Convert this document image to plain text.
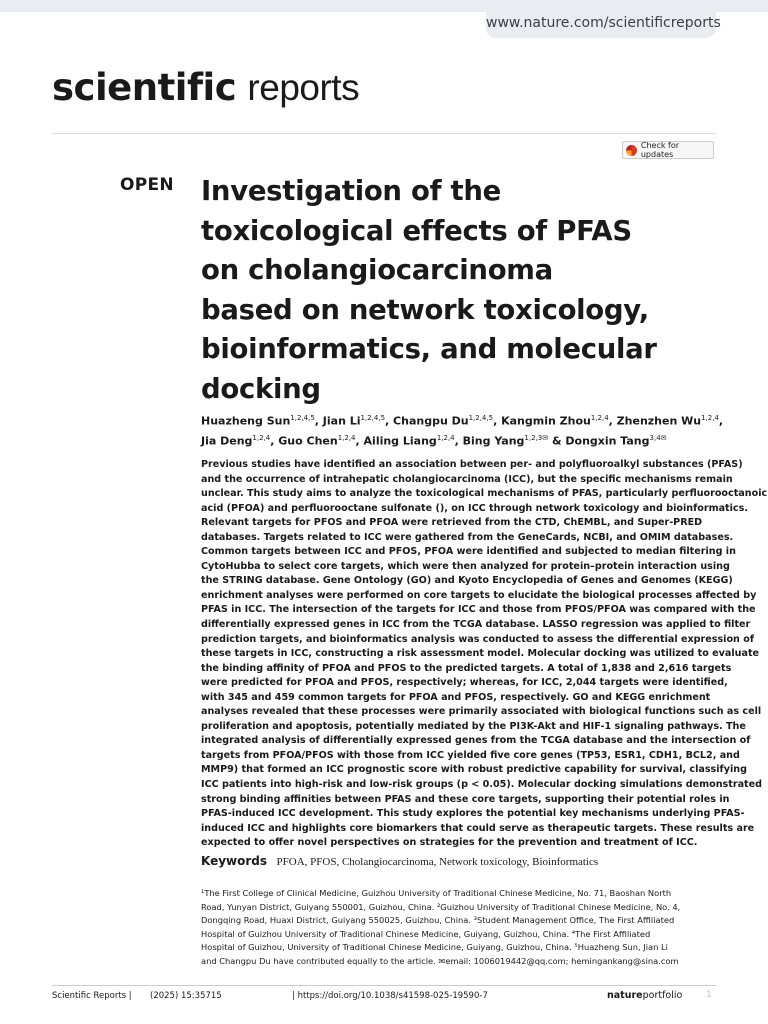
www.nature.com/scientificreports
scientific reports
Check for updates
OPEN Investigation of the
toxicological effects of PFAS
on cholangiocarcinoma
based on network toxicology,
bioinformatics, and molecular
docking
Huazheng Sun$^{1,2,4,5}$, Jian Li$^{1,2,4,5}$, Changpu Du$^{1,2,4,5}$, Kangmin Zhou$^{1,2,4}$, Zhenzhen Wu$^{1,2,4}$,
Jia Deng$^{1,2,4}$, Guo Chen$^{1,2,4}$, Ailing Liang$^{1,2,4}$, Bing Yang$^{1,2,3✉}$ & Dongxin Tang$^{3,4✉}$
Previous studies have identified an association between per- and polyfluoroalkyl substances (PFAS)
and the occurrence of intrahepatic cholangiocarcinoma (ICC), but the specific mechanisms remain
unclear. This study aims to analyze the toxicological mechanisms of PFAS, particularly perfluorooctanoic
acid (PFOA) and perfluorooctane sulfonate (), on ICC through network toxicology and bioinformatics.
Relevant targets for PFOS and PFOA were retrieved from the CTD, ChEMBL, and Super-PRED
databases. Targets related to ICC were gathered from the GeneCards, NCBI, and OMIM databases.
Common targets between ICC and PFOS, PFOA were identified and subjected to median filtering in
CytoHubba to select core targets, which were then analyzed for protein–protein interaction using
the STRING database. Gene Ontology (GO) and Kyoto Encyclopedia of Genes and Genomes (KEGG)
enrichment analyses were performed on core targets to elucidate the biological processes affected by
PFAS in ICC. The intersection of the targets for ICC and those from PFOS/PFOA was compared with the
differentially expressed genes in ICC from the TCGA database. LASSO regression was applied to filter
prediction targets, and bioinformatics analysis was conducted to assess the differential expression of
these targets in ICC, constructing a risk assessment model. Molecular docking was utilized to evaluate
the binding affinity of PFOA and PFOS to the predicted targets. A total of 1,838 and 2,616 targets
were predicted for PFOA and PFOS, respectively; whereas, for ICC, 2,044 targets were identified,
with 345 and 459 common targets for PFOA and PFOS, respectively. GO and KEGG enrichment
analyses revealed that these processes were primarily associated with biological functions such as cell
proliferation and apoptosis, potentially mediated by the PI3K-Akt and HIF-1 signaling pathways. The
integrated analysis of differentially expressed genes from the TCGA database and the intersection of
targets from PFOA/PFOS with those from ICC yielded five core genes (TP53, ESR1, CDH1, BCL2, and
MMP9) that formed an ICC prognostic score with robust predictive capability for survival, classifying
ICC patients into high-risk and low-risk groups (p < 0.05). Molecular docking simulations demonstrated
strong binding affinities between PFAS and these core targets, supporting their potential roles in
PFAS-induced ICC development. This study explores the potential key mechanisms underlying PFAS-
induced ICC and highlights core biomarkers that could serve as therapeutic targets. These results are
expected to offer novel perspectives on strategies for the prevention and treatment of ICC.
Keywords PFOA, PFOS, Cholangiocarcinoma, Network toxicology, Bioinformatics
¹The First College of Clinical Medicine, Guizhou University of Traditional Chinese Medicine, No. 71, Baoshan North
Road, Yunyan District, Guiyang 550001, Guizhou, China. ²Guizhou University of Traditional Chinese Medicine, No. 4,
Dongqing Road, Huaxi District, Guiyang 550025, Guizhou, China. ³Student Management Office, The First Affiliated
Hospital of Guizhou University of Traditional Chinese Medicine, Guiyang, Guizhou, China. ⁴The First Affiliated
Hospital of Guizhou, University of Traditional Chinese Medicine, Guiyang, Guizhou, China. ⁵Huazheng Sun, Jian Li
and Changpu Du have contributed equally to the article. ✉email: 1006019442@qq.com; hemingankang@sina.com
Scientific Reports | (2025) 15:35715	| https://doi.org/10.1038/s41598-025-19590-7	natureportfolio	1
